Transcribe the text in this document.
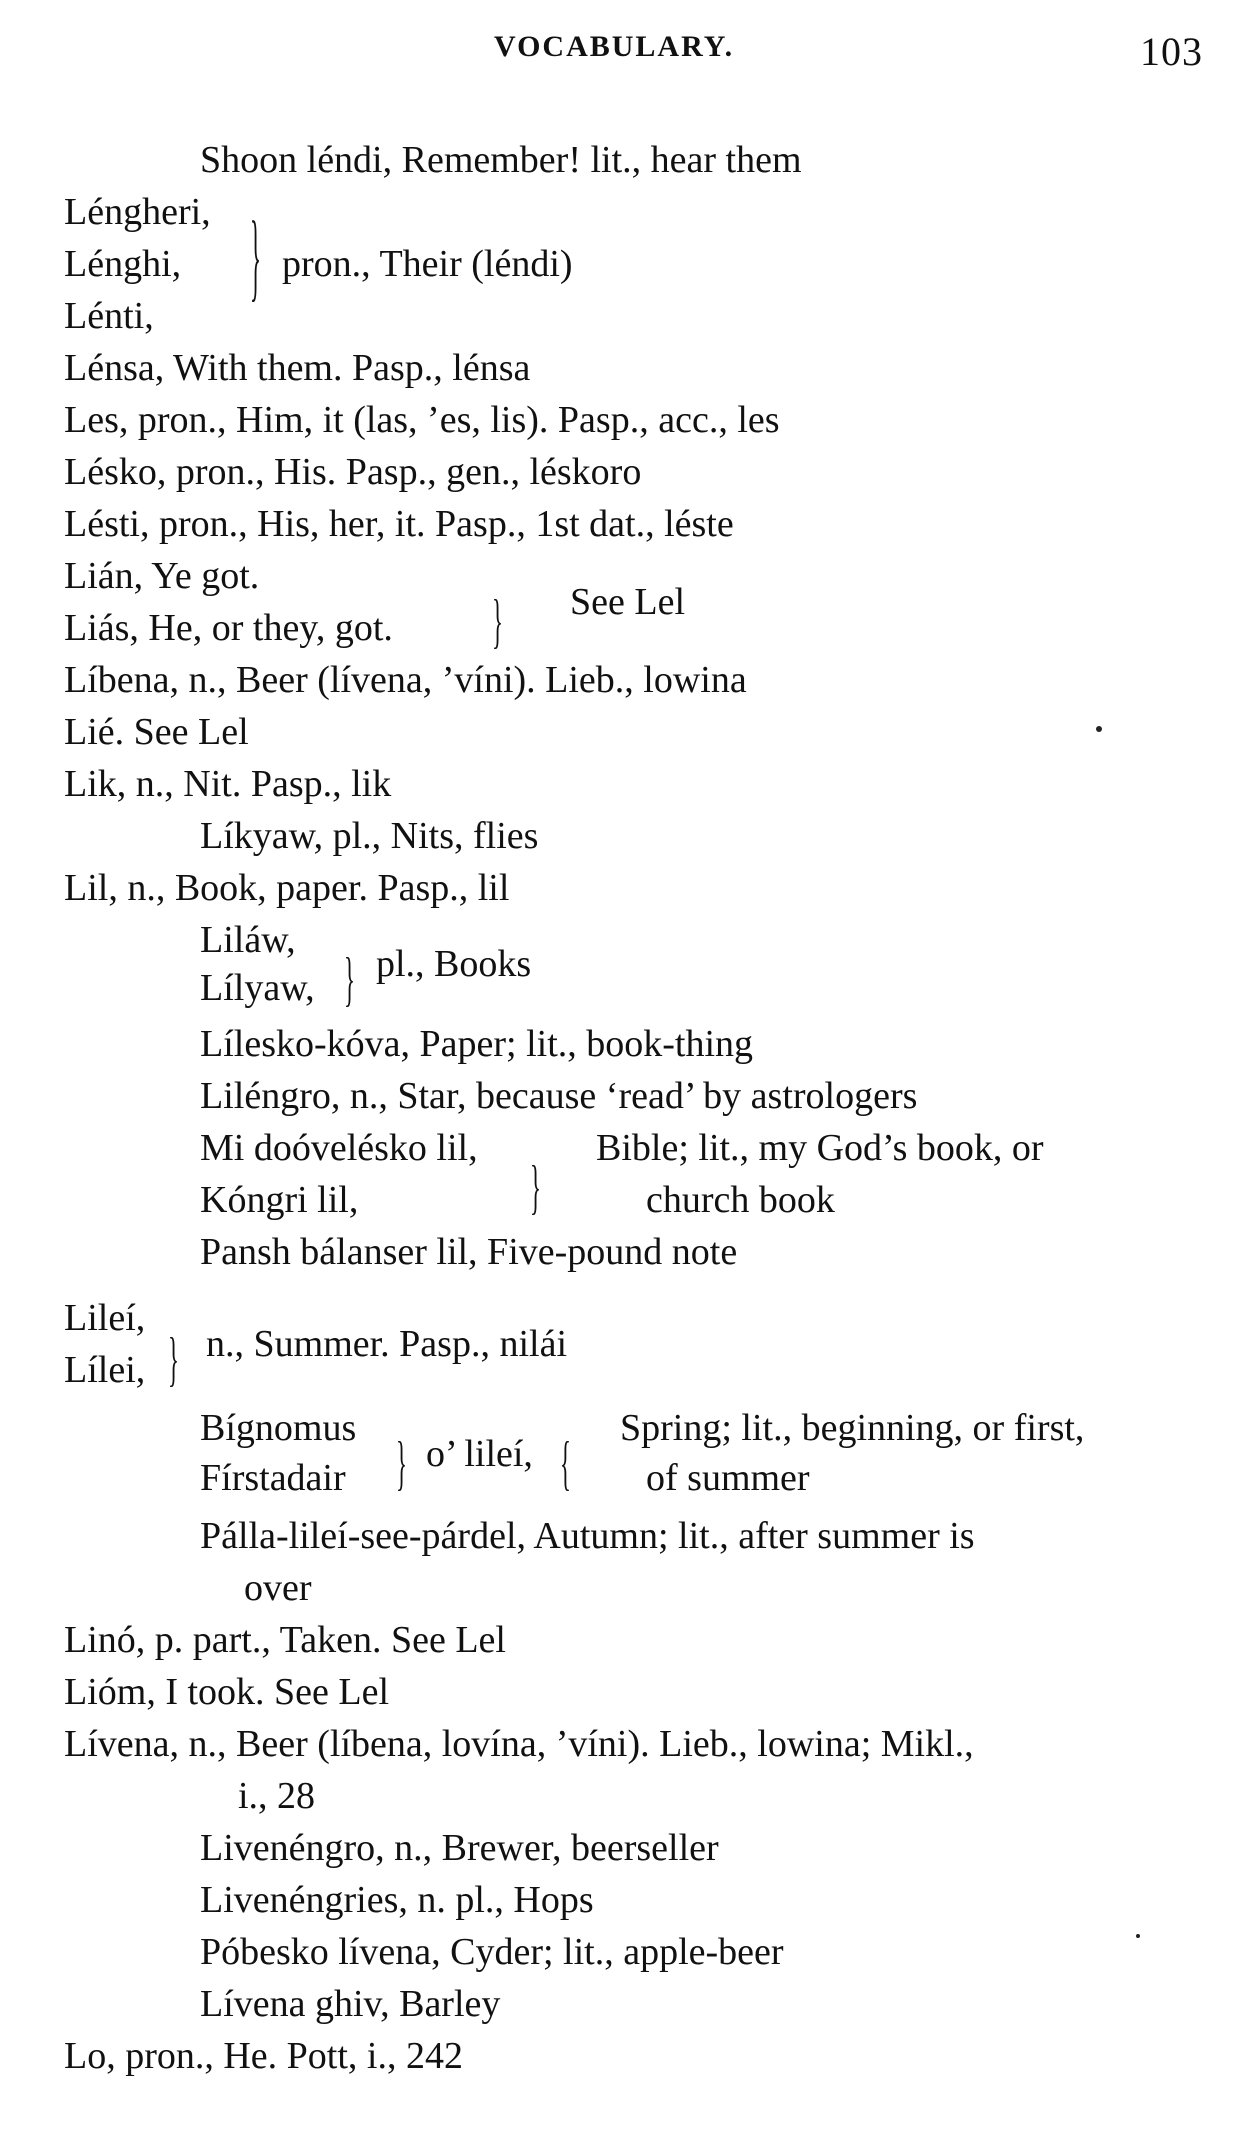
VOCABULARY.	103
Shoon léndi, Remember! lit., hear them
Léngheri,
Lénghi,	pron., Their (léndi)
Lénti,
Lénsa, With them. Pasp., lénsa
Les, pron., Him, it (las, ’es, lis). Pasp., acc., les
Lésko, pron., His. Pasp., gen., léskoro
Lésti, pron., His, her, it. Pasp., 1st dat., léste
Lián, Ye got.
Liás, He, or they, got.
See Lel
Líbena, n., Beer (lívena, ’víni). Lieb., lowina
Lié. See Lel
Lik, n., Nit. Pasp., lik
Líkyaw, pl., Nits, flies
Lil, n., Book, paper. Pasp., lil
Liláw,
Lílyaw,
pl., Books
Lílesko-kóva, Paper; lit., book-thing
Liléngro, n., Star, because ‘read’ by astrologers
Mi doóvelésko lil,	Bible; lit., my God’s book, or
Kóngri lil,	church book
Pansh bálanser lil, Five-pound note
Lileí,
Lílei,
n., Summer. Pasp., nilái
Bígnomus
Fírstadair
o’ lileí,
Spring; lit., beginning, or first,
of summer
Pálla-lileí-see-párdel, Autumn; lit., after summer is
over
Linó, p. part., Taken. See Lel
Lióm, I took. See Lel
Lívena, n., Beer (líbena, lovína, ’víni). Lieb., lowina; Mikl.,
i., 28
Livenéngro, n., Brewer, beerseller
Livenéngries, n. pl., Hops
Póbesko lívena, Cyder; lit., apple-beer
Lívena ghiv, Barley
Lo, pron., He. Pott, i., 242
}
}
}
}
}
}	{
